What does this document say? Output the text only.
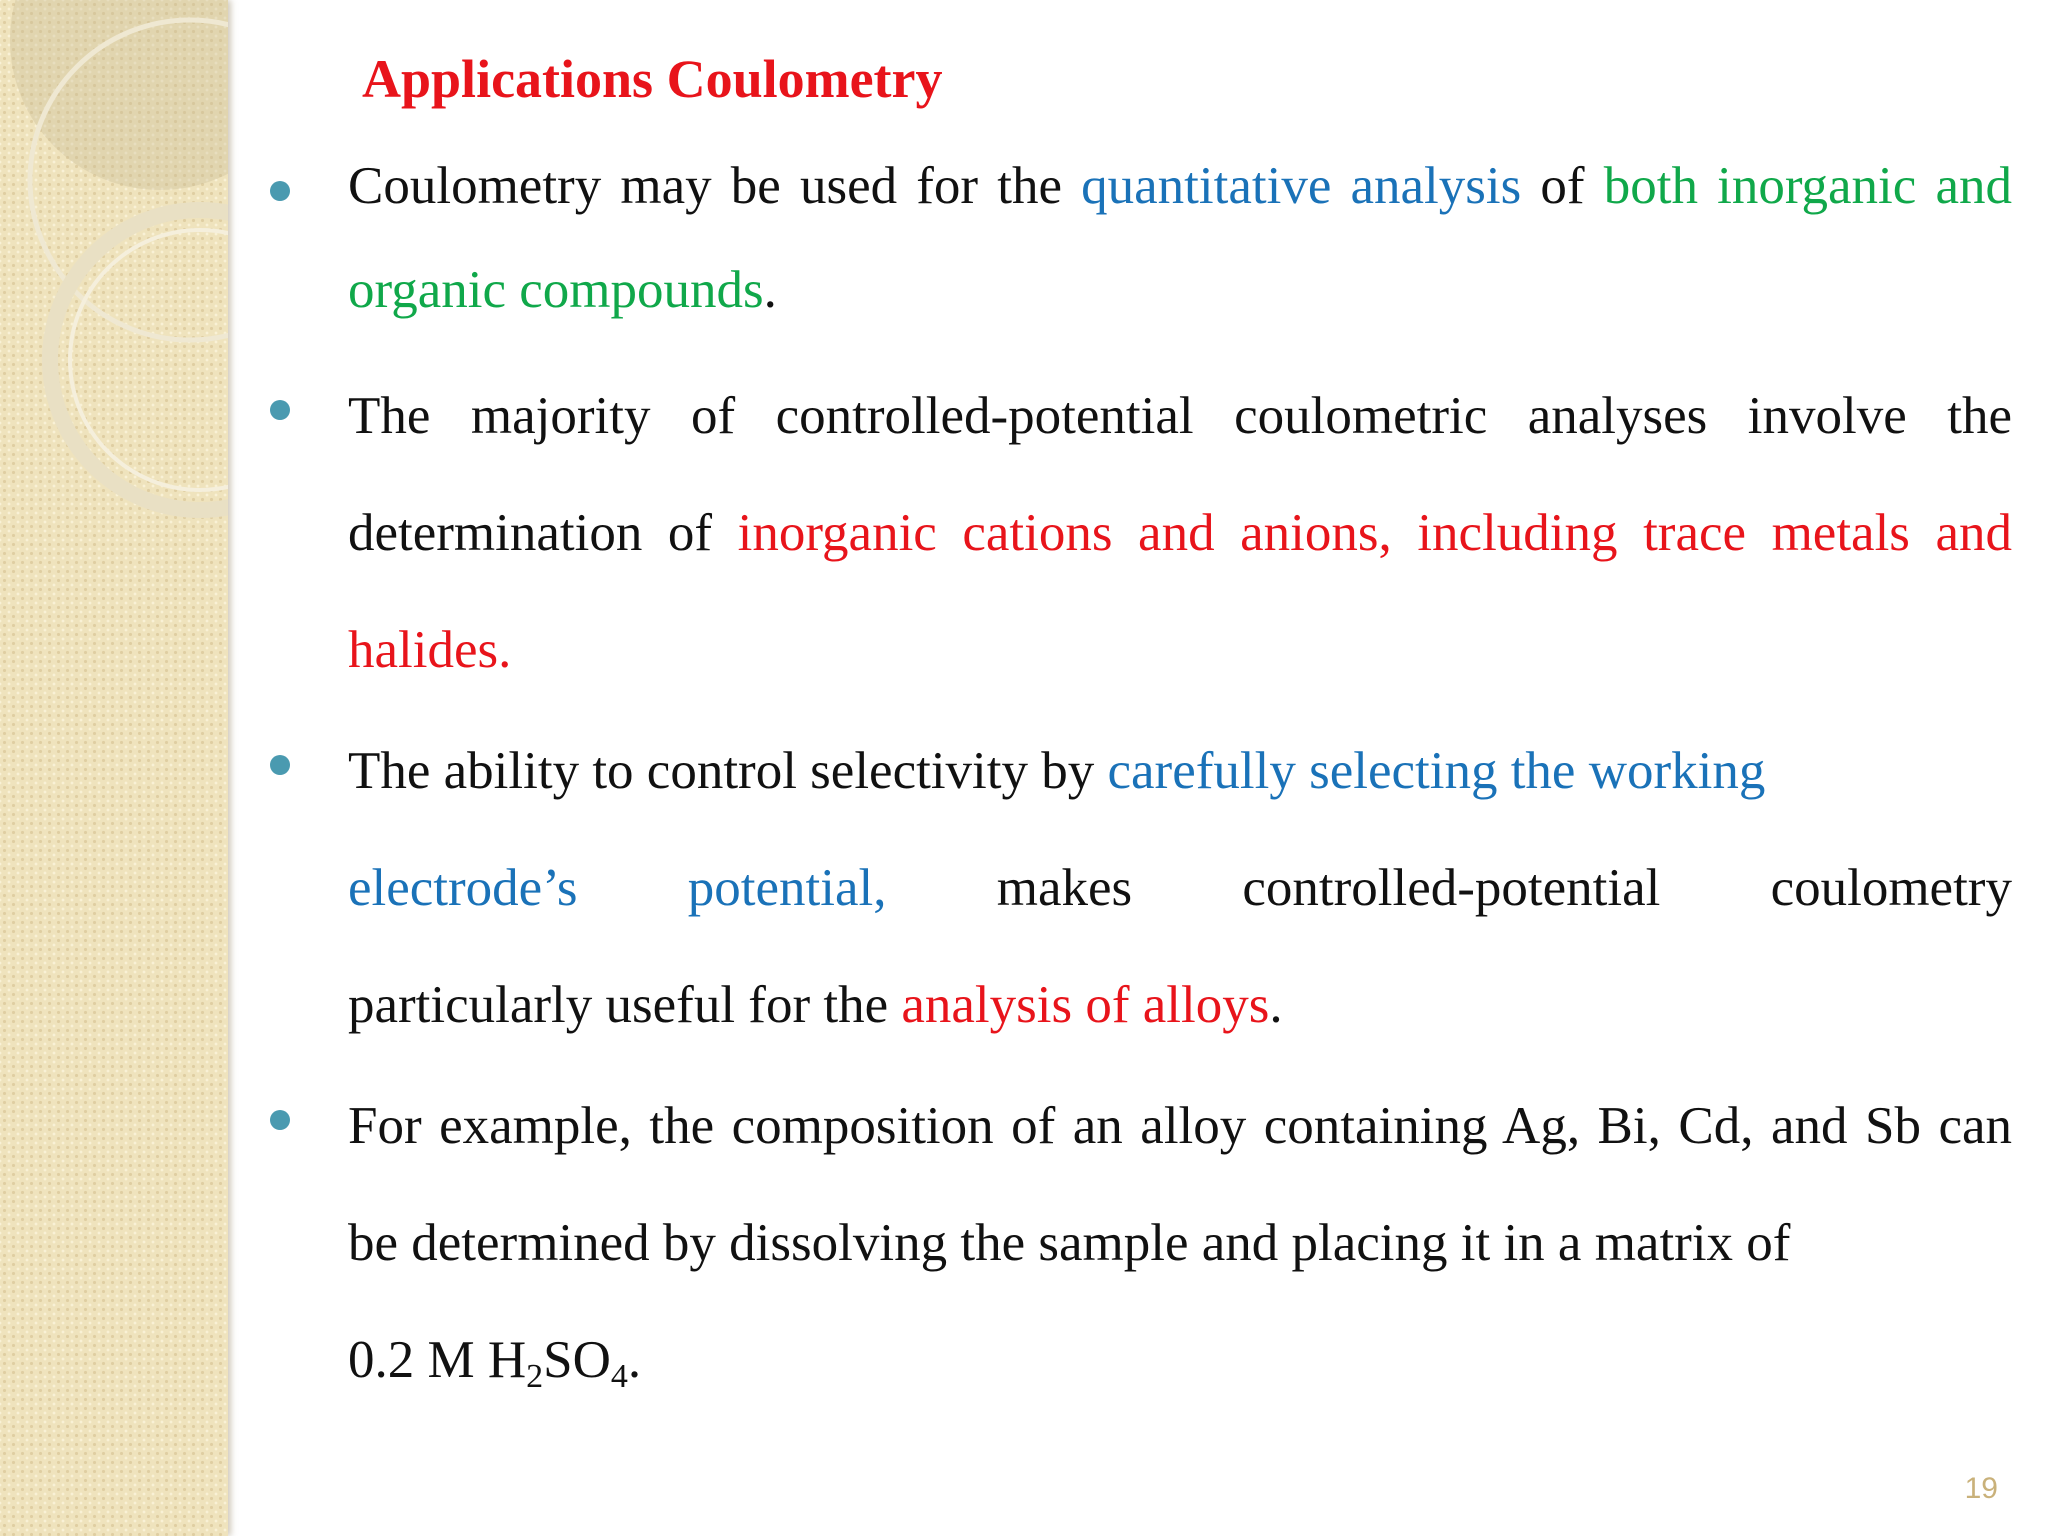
Applications Coulometry
Coulometry may be used for the quantitative analysis of both inorganic and organic compounds.
The majority of controlled-potential coulometric analyses involve the determination of inorganic cations and anions, including trace metals and halides.
The ability to control selectivity by carefully selecting the working
electrode’s potential, makes controlled-potential coulometry
particularly useful for the analysis of alloys.
For example, the composition of an alloy containing Ag, Bi, Cd, and Sb can be determined by dissolving the sample and placing it in a matrix of
0.2 M $H_2SO_4$.
19
